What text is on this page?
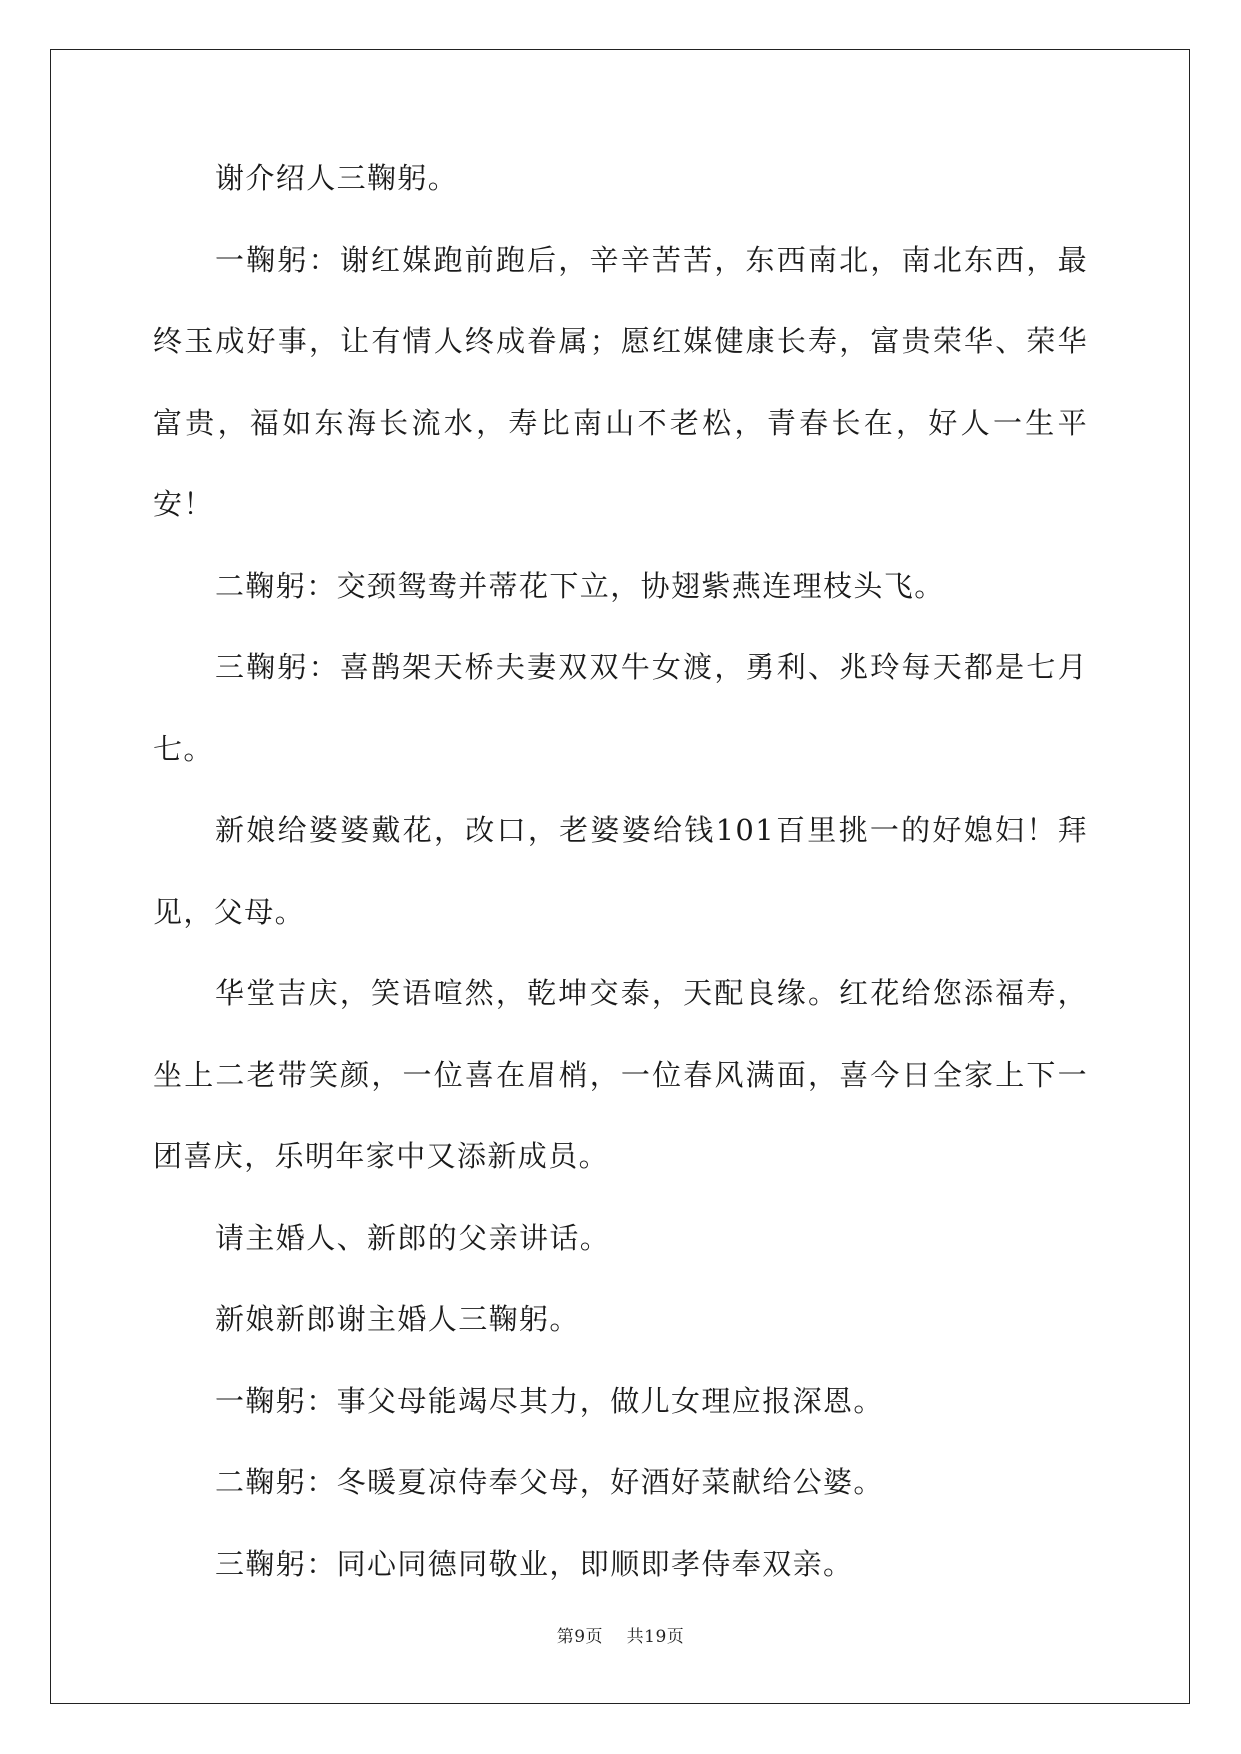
谢介绍人三鞠躬。

一鞠躬：谢红媒跑前跑后，辛辛苦苦，东西南北，南北东西，最终玉成好事，让有情人终成眷属；愿红媒健康长寿，富贵荣华、荣华富贵，福如东海长流水，寿比南山不老松，青春长在，好人一生平安！

二鞠躬：交颈鸳鸯并蒂花下立，协翅紫燕连理枝头飞。

三鞠躬：喜鹊架天桥夫妻双双牛女渡，勇利、兆玲每天都是七月七。

新娘给婆婆戴花，改口，老婆婆给钱101百里挑一的好媳妇！拜见，父母。

华堂吉庆，笑语喧然，乾坤交泰，天配良缘。红花给您添福寿，坐上二老带笑颜，一位喜在眉梢，一位春风满面，喜今日全家上下一团喜庆，乐明年家中又添新成员。

请主婚人、新郎的父亲讲话。

新娘新郎谢主婚人三鞠躬。

一鞠躬：事父母能竭尽其力，做儿女理应报深恩。

二鞠躬：冬暖夏凉侍奉父母，好酒好菜献给公婆。

三鞠躬：同心同德同敬业，即顺即孝侍奉双亲。

第9页 共19页
